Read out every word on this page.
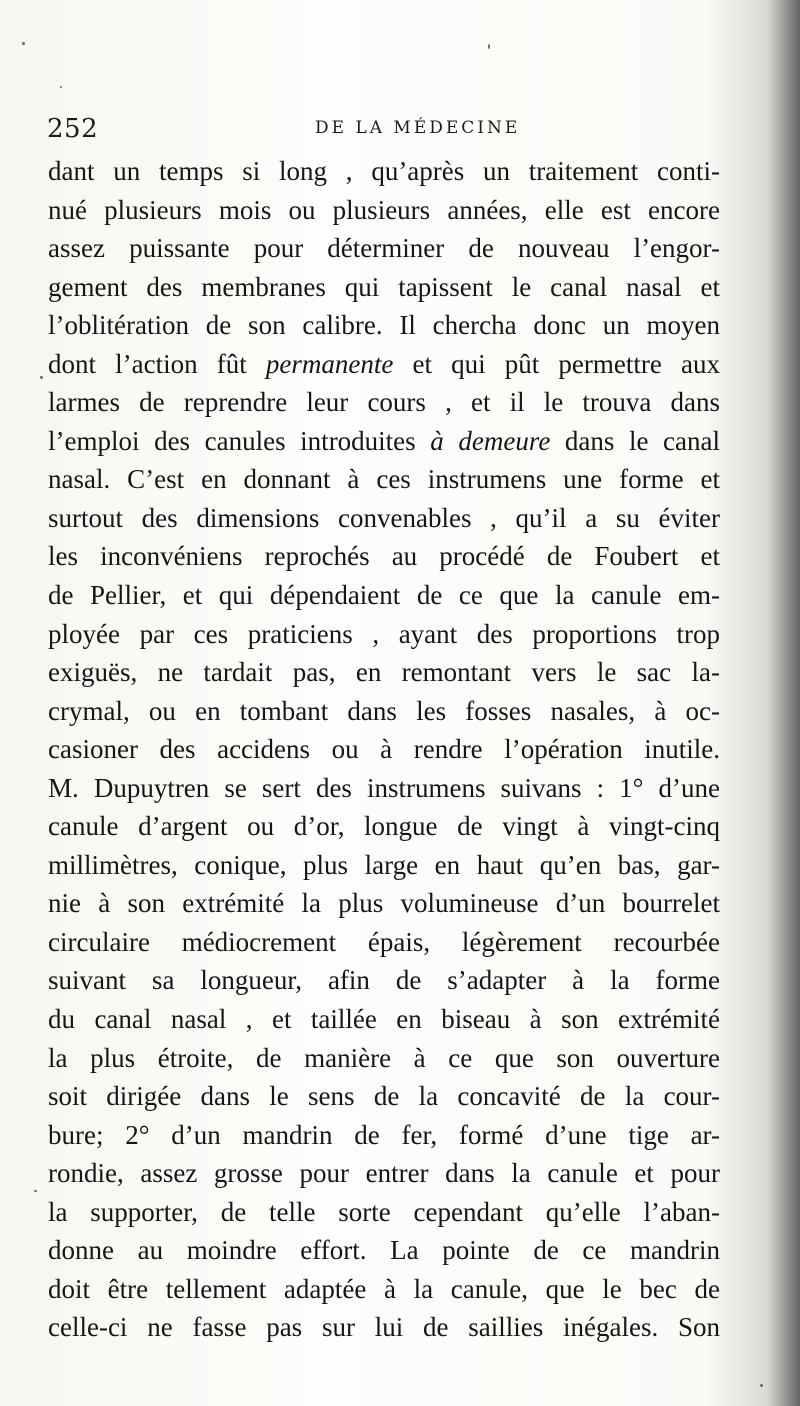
252	DE LA MÉDECINE
dant un temps si long , qu’après un traitement conti-
nué plusieurs mois ou plusieurs années, elle est encore
assez puissante pour déterminer de nouveau l’engor-
gement des membranes qui tapissent le canal nasal et
l’oblitération de son calibre. Il chercha donc un moyen
dont l’action fût permanente et qui pût permettre aux
larmes de reprendre leur cours , et il le trouva dans
l’emploi des canules introduites à demeure dans le canal
nasal. C’est en donnant à ces instrumens une forme et
surtout des dimensions convenables , qu’il a su éviter
les inconvéniens reprochés au procédé de Foubert et
de Pellier, et qui dépendaient de ce que la canule em-
ployée par ces praticiens , ayant des proportions trop
exiguës, ne tardait pas, en remontant vers le sac la-
crymal, ou en tombant dans les fosses nasales, à oc-
casioner des accidens ou à rendre l’opération inutile.
M. Dupuytren se sert des instrumens suivans : 1° d’une
canule d’argent ou d’or, longue de vingt à vingt-cinq
millimètres, conique, plus large en haut qu’en bas, gar-
nie à son extrémité la plus volumineuse d’un bourrelet
circulaire médiocrement épais, légèrement recourbée
suivant sa longueur, afin de s’adapter à la forme
du canal nasal , et taillée en biseau à son extrémité
la plus étroite, de manière à ce que son ouverture
soit dirigée dans le sens de la concavité de la cour-
bure; 2° d’un mandrin de fer, formé d’une tige ar-
rondie, assez grosse pour entrer dans la canule et pour
la supporter, de telle sorte cependant qu’elle l’aban-
donne au moindre effort. La pointe de ce mandrin
doit être tellement adaptée à la canule, que le bec de
celle-ci ne fasse pas sur lui de saillies inégales. Son
